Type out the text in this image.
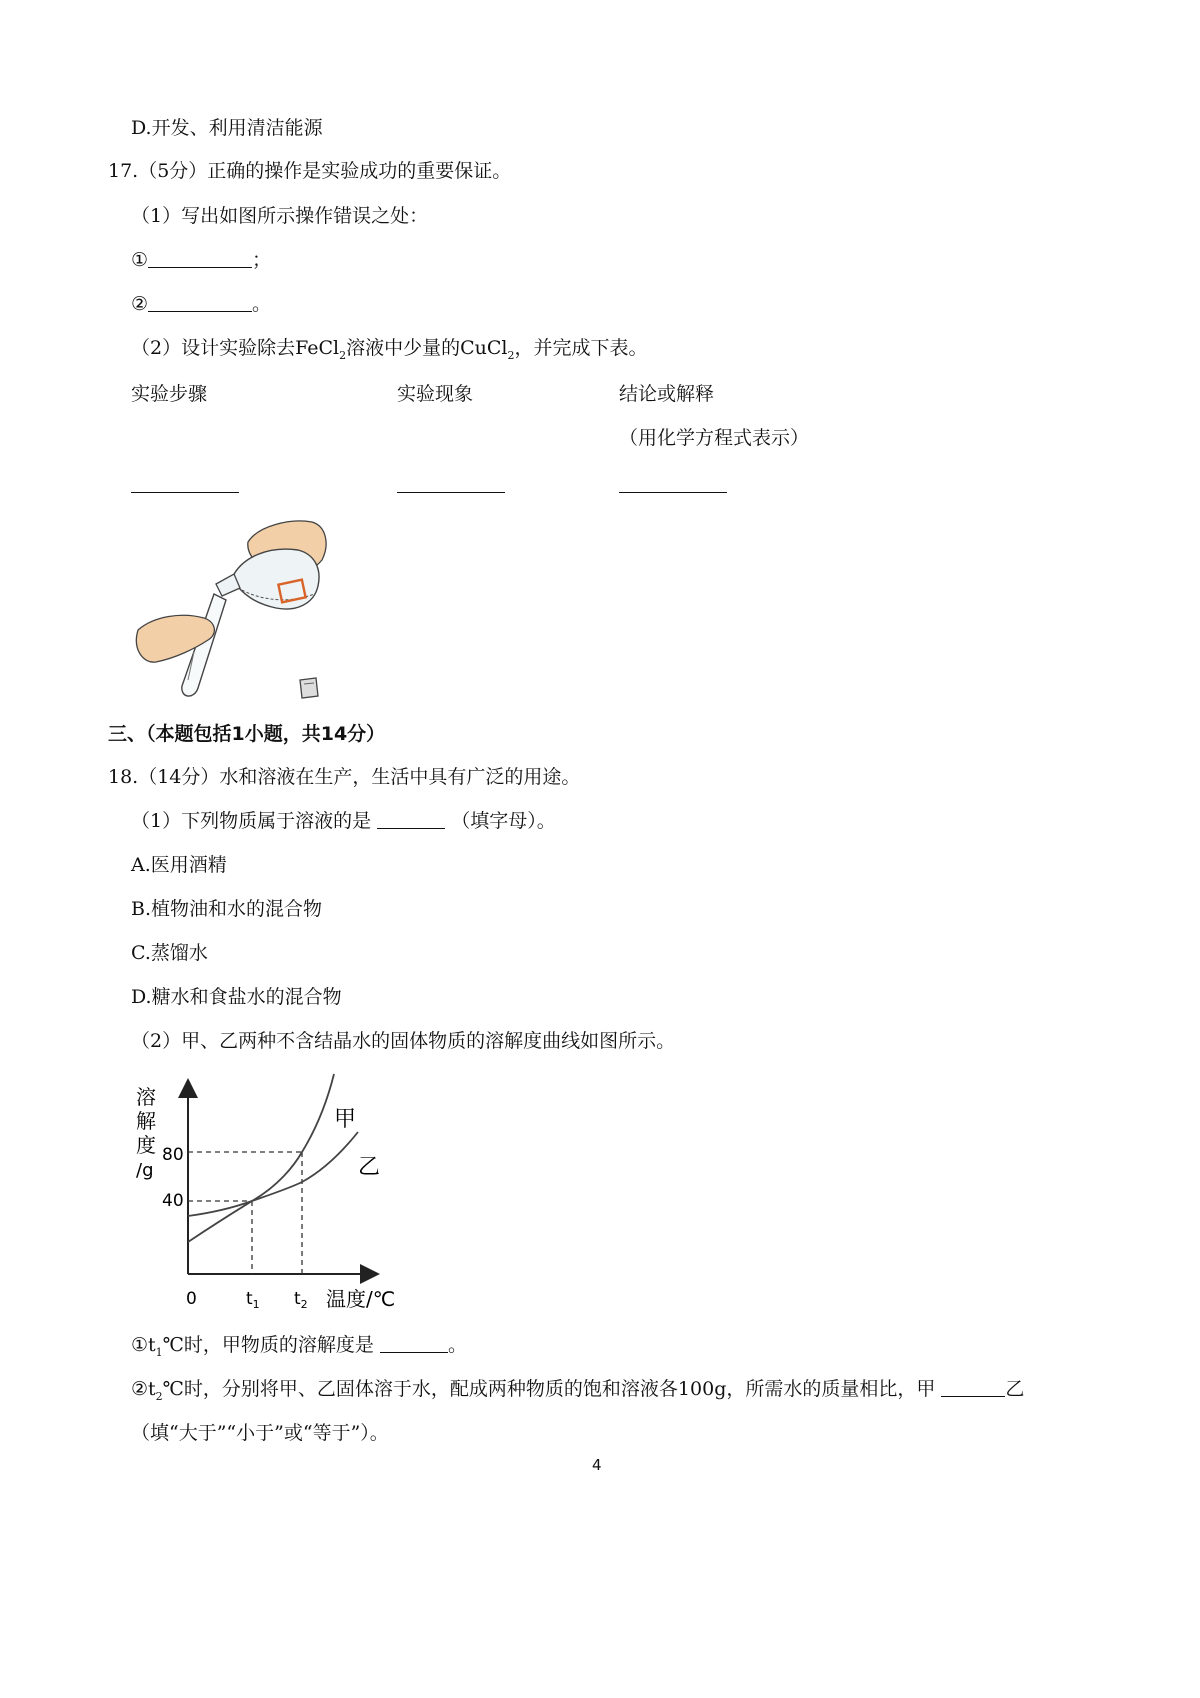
D.开发、利用清洁能源
17.（5分）正确的操作是实验成功的重要保证。
（1）写出如图所示操作错误之处：
①	；
②	。
（2）设计实验除去FeCl$_2$溶液中少量的CuCl$_2$，并完成下表。
实验步骤	实验现象	结论或解释
（用化学方程式表示）
三、（本题包括1小题，共14分）
18.（14分）水和溶液在生产，生活中具有广泛的用途。
（1）下列物质属于溶液的是	（填字母）。
A.医用酒精
B.植物油和水的混合物
C.蒸馏水
D.糖水和食盐水的混合物
（2）甲、乙两种不含结晶水的固体物质的溶解度曲线如图所示。
溶
解
度
/g
80
40
甲
乙
0	$t_1$ $t_2$ 温度/℃
$①t_1℃$时，甲物质的溶解度是	。
$②t_2℃$时，分别将甲、乙固体溶于水，配成两种物质的饱和溶液各100g，所需水的质量相比，甲	乙
（填“大于”“小于”或“等于”）。
4
